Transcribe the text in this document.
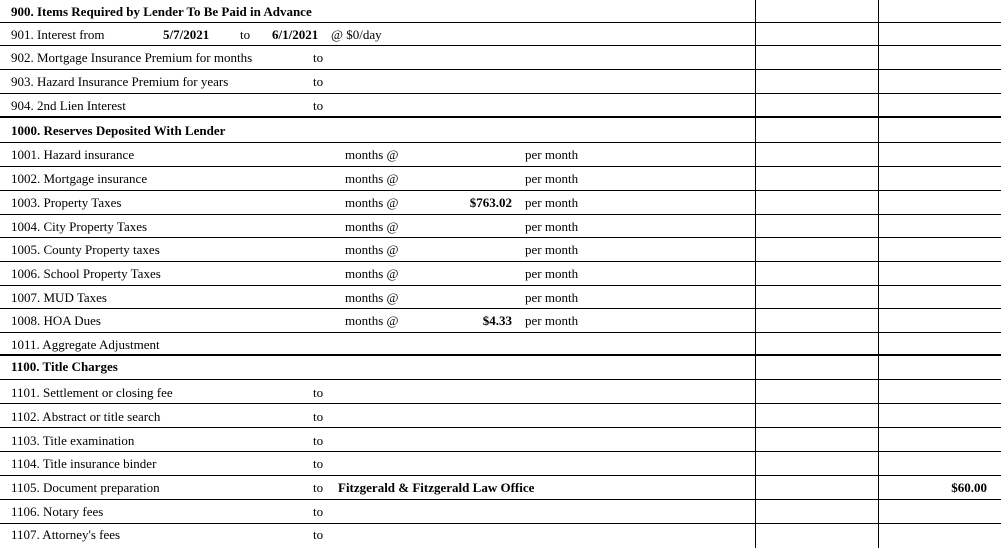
900. Items Required by Lender To Be Paid in Advance
901. Interest from	5/7/2021 to 6/1/2021 @ $0/day
902. Mortgage Insurance Premium for months	to
903. Hazard Insurance Premium for years	to
904. 2nd Lien Interest	to
1000. Reserves Deposited With Lender
1001. Hazard insurance	months @	per month
1002. Mortgage insurance	months @	per month
1003. Property Taxes	months @	$763.02 per month
1004. City Property Taxes	months @	per month
1005. County Property taxes	months @	per month
1006. School Property Taxes	months @	per month
1007. MUD Taxes	months @	per month
1008. HOA Dues	months @	$4.33 per month
1011. Aggregate Adjustment
1100. Title Charges
1101. Settlement or closing fee	to
1102. Abstract or title search	to
1103. Title examination	to
1104. Title insurance binder	to
1105. Document preparation	to Fitzgerald & Fitzgerald Law Office	$60.00
1106. Notary fees	to
1107. Attorney's fees	to
